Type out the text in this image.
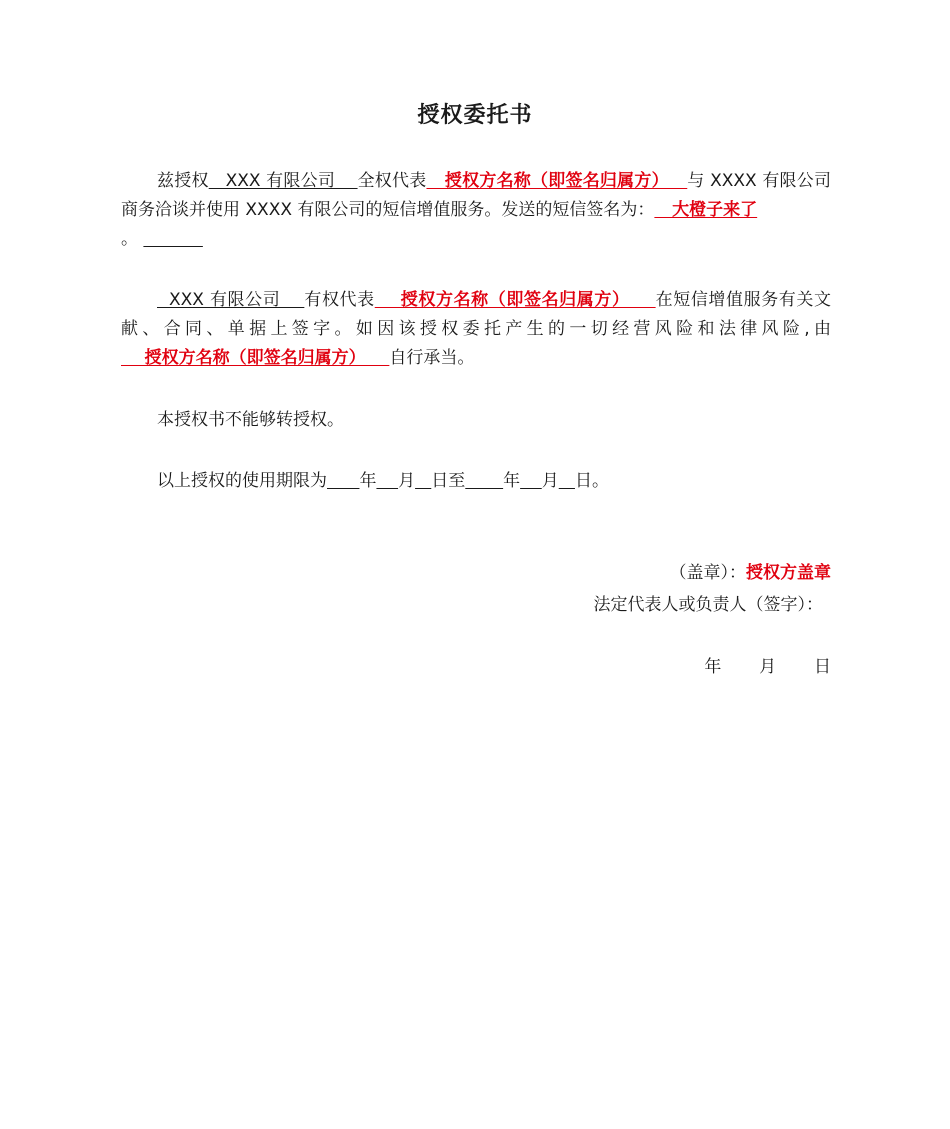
授权委托书
兹授权   XXX 有限公司    全权代表   授权方名称（即签名归属方）   与 XXXX 有限公司商务洽谈并使用 XXXX 有限公司的短信增值服务。发送的短信签名为：   大橙子来了
。
XXX 有限公司    有权代表    授权方名称（即签名归属方）    在短信增值服务有关文献、合同、单据上签字。如因该授权委托产生的一切经营风险和法律风险,由    授权方名称（即签名归属方）    自行承当。
本授权书不能够转授权。
以上授权的使用期限为 年 月 日至 年 月 日。

（盖章）：授权方盖章

法定代表人或负责人（签字）：
年       月       日
